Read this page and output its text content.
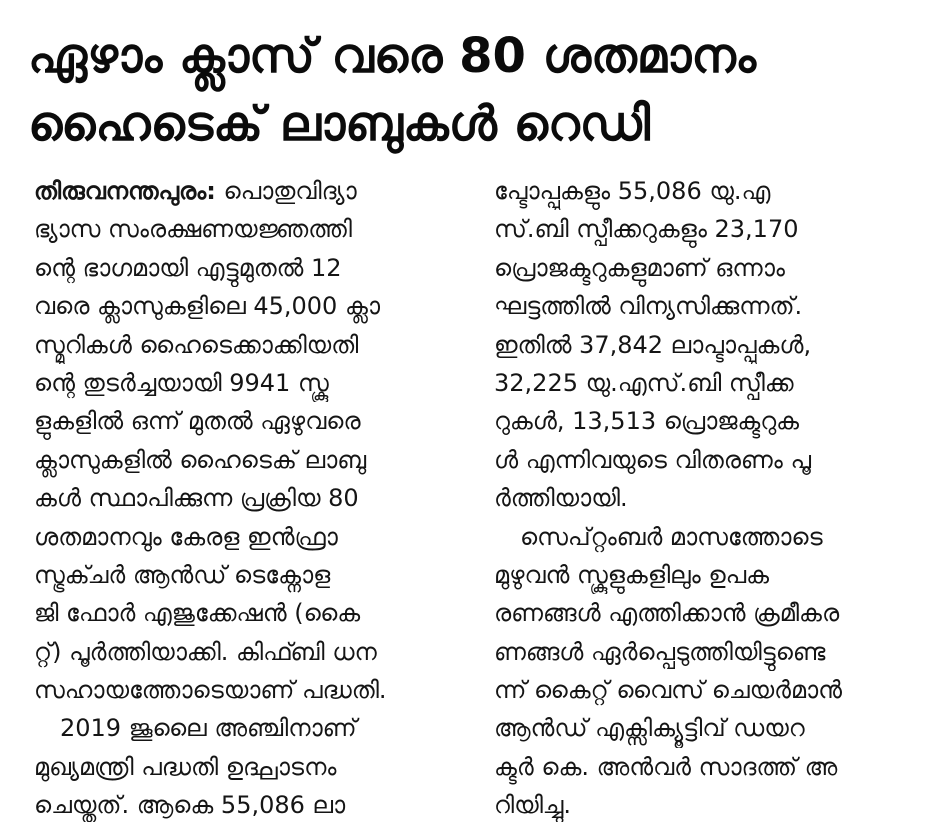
ഏഴാം ക്ലാസ് വരെ 80 ശതമാനം
ഹൈടെക് ലാബുകൾ റെഡി
തിരുവനന്തപുരം: പൊതുവിദ്യാ
ഭ്യാസ സംരക്ഷണയജ്ഞത്തി
ന്റെ ഭാഗമായി എട്ടുമുതൽ 12
വരെ ക്ലാസുകളിലെ 45,000 ക്ലാ
സ്മുറികൾ ഹൈടെക്കാക്കിയതി
ന്റെ തുടർച്ചയായി 9941 സ്കൂ
ളുകളിൽ ഒന്ന് മുതൽ ഏഴുവരെ
ക്ലാസുകളിൽ ഹൈടെക് ലാബു
കൾ സ്ഥാപിക്കുന്ന പ്രക്രിയ 80
ശതമാനവും കേരള ഇൻഫ്രാ
സ്ട്രക്ചർ ആൻഡ് ടെക്നോള
ജി ഫോർ എജുക്കേഷൻ (കൈ
റ്റ്) പൂർത്തിയാക്കി. കിഫ്ബി ധന
സഹായത്തോടെയാണ് പദ്ധതി.
2019 ജൂലൈ അഞ്ചിനാണ്
മുഖ്യമന്ത്രി പദ്ധതി ഉദ്ഘാടനം
ചെയ്തത്. ആകെ 55,086 ലാ
പ്ടോപ്പുകളും 55,086 യു.എ
സ്.ബി സ്പീക്കറുകളും 23,170
പ്രൊജക്ടറുകളുമാണ് ഒന്നാം
ഘട്ടത്തിൽ വിന്യസിക്കുന്നത്.
ഇതിൽ 37,842 ലാപ്ടാപ്പുകൾ,
32,225 യു.എസ്.ബി സ്പീക്ക
റുകൾ, 13,513 പ്രൊജക്ടറുക
ൾ എന്നിവയുടെ വിതരണം പൂ
ർത്തിയായി.
സെപ്റ്റംബർ മാസത്തോടെ
മുഴുവൻ സ്കൂളുകളിലും ഉപക
രണങ്ങൾ എത്തിക്കാൻ ക്രമീകര
ണങ്ങൾ ഏർപ്പെടുത്തിയിട്ടുണ്ടെ
ന്ന് കൈറ്റ് വൈസ് ചെയർമാൻ
ആൻഡ് എക്സിക്യൂട്ടിവ് ഡയറ
ക്ടർ കെ. അൻവർ സാദത്ത് അ
റിയിച്ചു.
